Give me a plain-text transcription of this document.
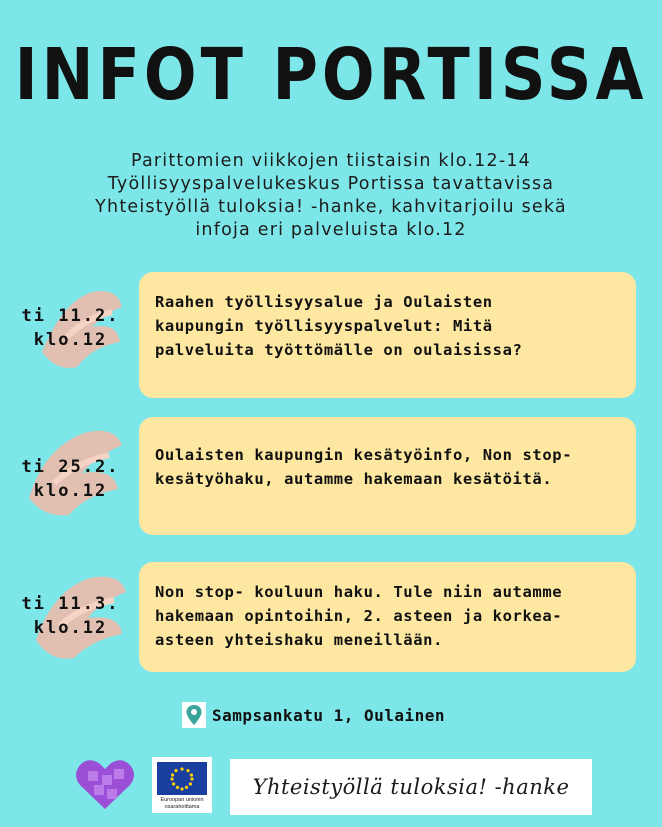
INFOT PORTISSA
Parittomien viikkojen tiistaisin klo.12-14
Työllisyyspalvelukeskus Portissa tavattavissa
Yhteistyöllä tuloksia! -hanke, kahvitarjoilu sekä
infoja eri palveluista klo.12
ti 11.2.
klo.12
Raahen työllisyysalue ja Oulaisten
kaupungin työllisyyspalvelut: Mitä
palveluita työttömälle on oulaisissa?
ti 25.2.
klo.12
Oulaisten kaupungin kesätyöinfo, Non stop-
kesätyöhaku, autamme hakemaan kesätöitä.
ti 11.3.
klo.12
Non stop- kouluun haku. Tule niin autamme
hakemaan opintoihin, 2. asteen ja korkea-
asteen yhteishaku meneillään.
Sampsankatu 1, Oulainen
Euroopan unionin
osarahoittama
Yhteistyöllä tuloksia! -hanke
